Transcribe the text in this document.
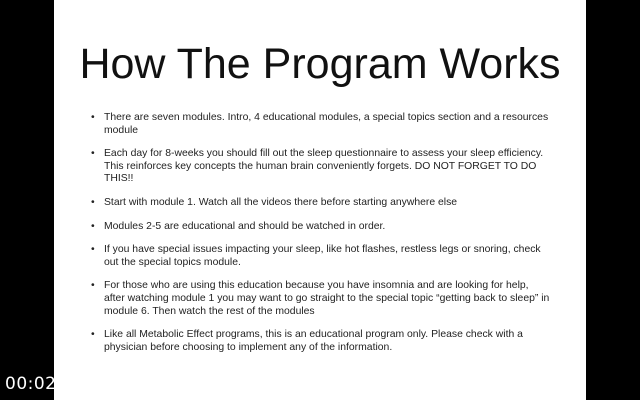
How The Program Works
• There are seven modules. Intro, 4 educational modules, a special topics section and a resources module
• Each day for 8-weeks you should fill out the sleep questionnaire to assess your sleep efficiency. This reinforces key concepts the human brain conveniently forgets. DO NOT FORGET TO DO THIS!!
• Start with module 1. Watch all the videos there before starting anywhere else
• Modules 2-5 are educational and should be watched in order.
• If you have special issues impacting your sleep, like hot flashes, restless legs or snoring, check out the special topics module.
• For those who are using this education because you have insomnia and are looking for help, after watching module 1 you may want to go straight to the special topic “getting back to sleep” in module 6. Then watch the rest of the modules
• Like all Metabolic Effect programs, this is an educational program only. Please check with a physician before choosing to implement any of the information.
00:02
